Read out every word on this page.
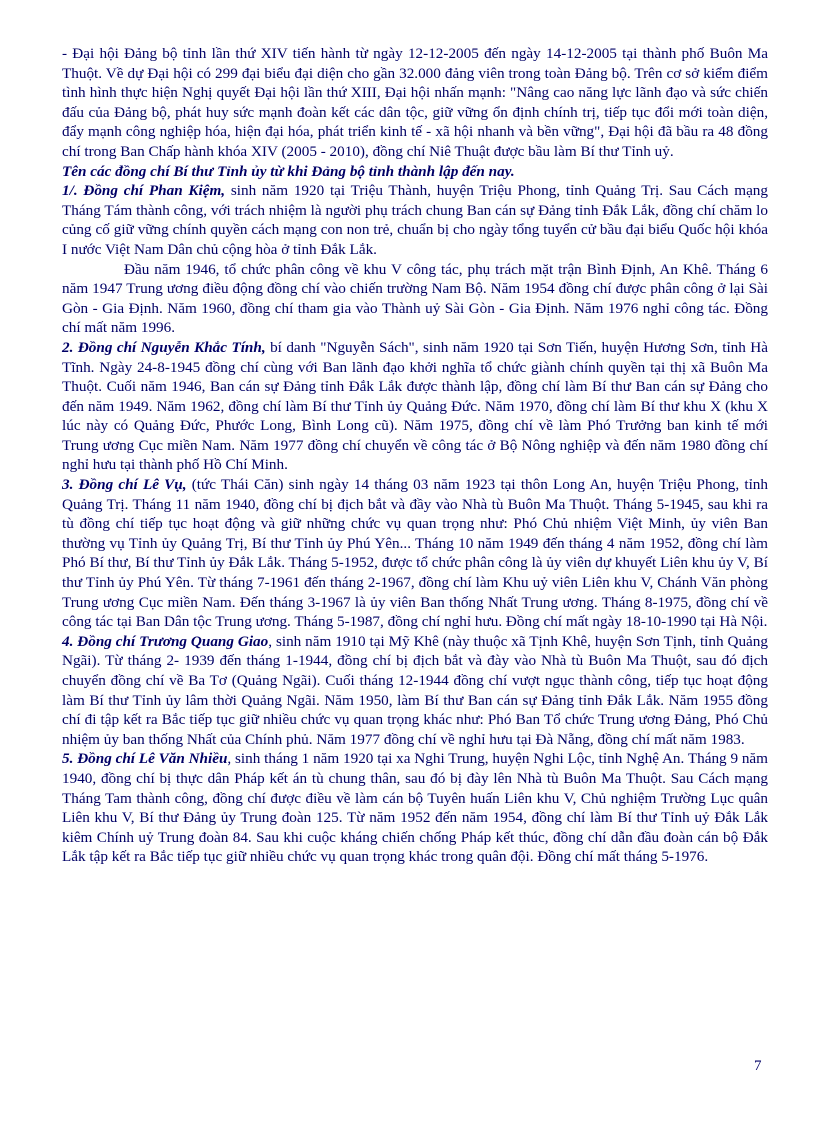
- Đại hội Đảng bộ tỉnh lần thứ XIV tiến hành từ ngày 12-12-2005 đến ngày 14-12-2005 tại thành phố Buôn Ma Thuột. Về dự Đại hội có 299 đại biểu đại diện cho gần 32.000 đảng viên trong toàn Đảng bộ. Trên cơ sở kiểm điểm tình hình thực hiện Nghị quyết Đại hội lần thứ XIII, Đại hội nhấn mạnh: "Nâng cao năng lực lãnh đạo và sức chiến đấu của Đảng bộ, phát huy sức mạnh đoàn kết các dân tộc, giữ vững ổn định chính trị, tiếp tục đổi mới toàn diện, đẩy mạnh công nghiệp hóa, hiện đại hóa, phát triển kinh tế - xã hội nhanh và bền vững", Đại hội đã bầu ra 48 đồng chí trong Ban Chấp hành khóa XIV (2005 - 2010), đồng chí Niê Thuật được bầu làm Bí thư Tỉnh uỷ.

Tên các đồng chí Bí thư Tỉnh ủy từ khi Đảng bộ tỉnh thành lập đến nay.

1/. Đồng chí Phan Kiệm, sinh năm 1920 tại Triệu Thành, huyện Triệu Phong, tỉnh Quảng Trị. Sau Cách mạng Tháng Tám thành công, với trách nhiệm là người phụ trách chung Ban cán sự Đảng tỉnh Đắk Lắk, đồng chí chăm lo củng cố giữ vững chính quyền cách mạng con non trẻ, chuẩn bị cho ngày tổng tuyển cử bầu đại biểu Quốc hội khóa I nước Việt Nam Dân chủ cộng hòa ở tỉnh Đắk Lắk.

Đầu năm 1946, tổ chức phân công về khu V công tác, phụ trách mặt trận Bình Định, An Khê. Tháng 6 năm 1947 Trung ương điều động đồng chí vào chiến trường Nam Bộ. Năm 1954 đồng chí được phân công ở lại Sài Gòn - Gia Định. Năm 1960, đồng chí tham gia vào Thành uỷ Sài Gòn - Gia Định. Năm 1976 nghỉ công tác. Đồng chí mất năm 1996.

2. Đồng chí Nguyễn Khắc Tính, bí danh "Nguyễn Sách", sinh năm 1920 tại Sơn Tiến, huyện Hương Sơn, tỉnh Hà Tĩnh. Ngày 24-8-1945 đồng chí cùng với Ban lãnh đạo khởi nghĩa tổ chức giành chính quyền tại thị xã Buôn Ma Thuột. Cuối năm 1946, Ban cán sự Đảng tỉnh Đắk Lắk được thành lập, đồng chí làm Bí thư Ban cán sự Đảng cho đến năm 1949. Năm 1962, đồng chí làm Bí thư Tỉnh ủy Quảng Đức. Năm 1970, đồng chí làm Bí thư khu X (khu X lúc này có Quảng Đức, Phước Long, Bình Long cũ). Năm 1975, đồng chí về làm Phó Trưởng ban kinh tế mới Trung ương Cục miền Nam. Năm 1977 đồng chí chuyển về công tác ở Bộ Nông nghiệp và đến năm 1980 đồng chí nghỉ hưu tại thành phố Hồ Chí Minh.

3. Đồng chí Lê Vụ, (tức Thái Căn) sinh ngày 14 tháng 03 năm 1923 tại thôn Long An, huyện Triệu Phong, tỉnh Quảng Trị. Tháng 11 năm 1940, đồng chí bị địch bắt và đầy vào Nhà tù Buôn Ma Thuột. Tháng 5-1945, sau khi ra tù đồng chí tiếp tục hoạt động và giữ những chức vụ quan trọng như: Phó Chủ nhiệm Việt Minh, ủy viên Ban thường vụ Tỉnh ủy Quảng Trị, Bí thư Tỉnh ủy Phú Yên... Tháng 10 năm 1949 đến tháng 4 năm 1952, đồng chí làm Phó Bí thư, Bí thư Tỉnh ủy Đắk Lắk. Tháng 5-1952, được tổ chức phân công là ủy viên dự khuyết Liên khu ủy V, Bí thư Tỉnh ủy Phú Yên. Từ tháng 7-1961 đến tháng 2-1967, đồng chí làm Khu uỷ viên Liên khu V, Chánh Văn phòng Trung ương Cục miền Nam. Đến tháng 3-1967 là ủy viên Ban thống Nhất Trung ương. Tháng 8-1975, đồng chí về công tác tại Ban Dân tộc Trung ương. Tháng 5-1987, đồng chí nghỉ hưu. Đồng chí mất ngày 18-10-1990 tại Hà Nội.

4. Đồng chí Trương Quang Giao, sinh năm 1910 tại Mỹ Khê (này thuộc xã Tịnh Khê, huyện Sơn Tịnh, tỉnh Quảng Ngãi). Từ tháng 2- 1939 đến tháng 1-1944, đồng chí bị địch bắt và đày vào Nhà tù Buôn Ma Thuột, sau đó địch chuyển đồng chí về Ba Tơ (Quảng Ngãi). Cuối tháng 12-1944 đồng chí vượt ngục thành công, tiếp tục hoạt động làm Bí thư Tỉnh ủy lâm thời Quảng Ngãi. Năm 1950, làm Bí thư Ban cán sự Đảng tỉnh Đắk Lắk. Năm 1955 đồng chí đi tập kết ra Bắc tiếp tục giữ nhiều chức vụ quan trọng khác như: Phó Ban Tổ chức Trung ương Đảng, Phó Chủ nhiệm ủy ban thống Nhất của Chính phủ. Năm 1977 đồng chí về nghỉ hưu tại Đà Nẵng, đồng chí mất năm 1983.

5. Đồng chí Lê Văn Nhiều, sinh tháng 1 năm 1920 tại xa Nghi Trung, huyện Nghi Lộc, tỉnh Nghệ An. Tháng 9 năm 1940, đồng chí bị thực dân Pháp kết án tù chung thân, sau đó bị đày lên Nhà tù Buôn Ma Thuột. Sau Cách mạng Tháng Tam thành công, đồng chí được điều về làm cán bộ Tuyên huấn Liên khu V, Chủ nghiệm Trường Lục quân Liên khu V, Bí thư Đảng ủy Trung đoàn 125. Từ năm 1952 đến năm 1954, đồng chí làm Bí thư Tỉnh uỷ Đắk Lắk kiêm Chính uỷ Trung đoàn 84. Sau khi cuộc kháng chiến chống Pháp kết thúc, đồng chí dẫn đầu đoàn cán bộ Đắk Lắk tập kết ra Bắc tiếp tục giữ nhiều chức vụ quan trọng khác trong quân đội. Đồng chí mất tháng 5-1976.

7
